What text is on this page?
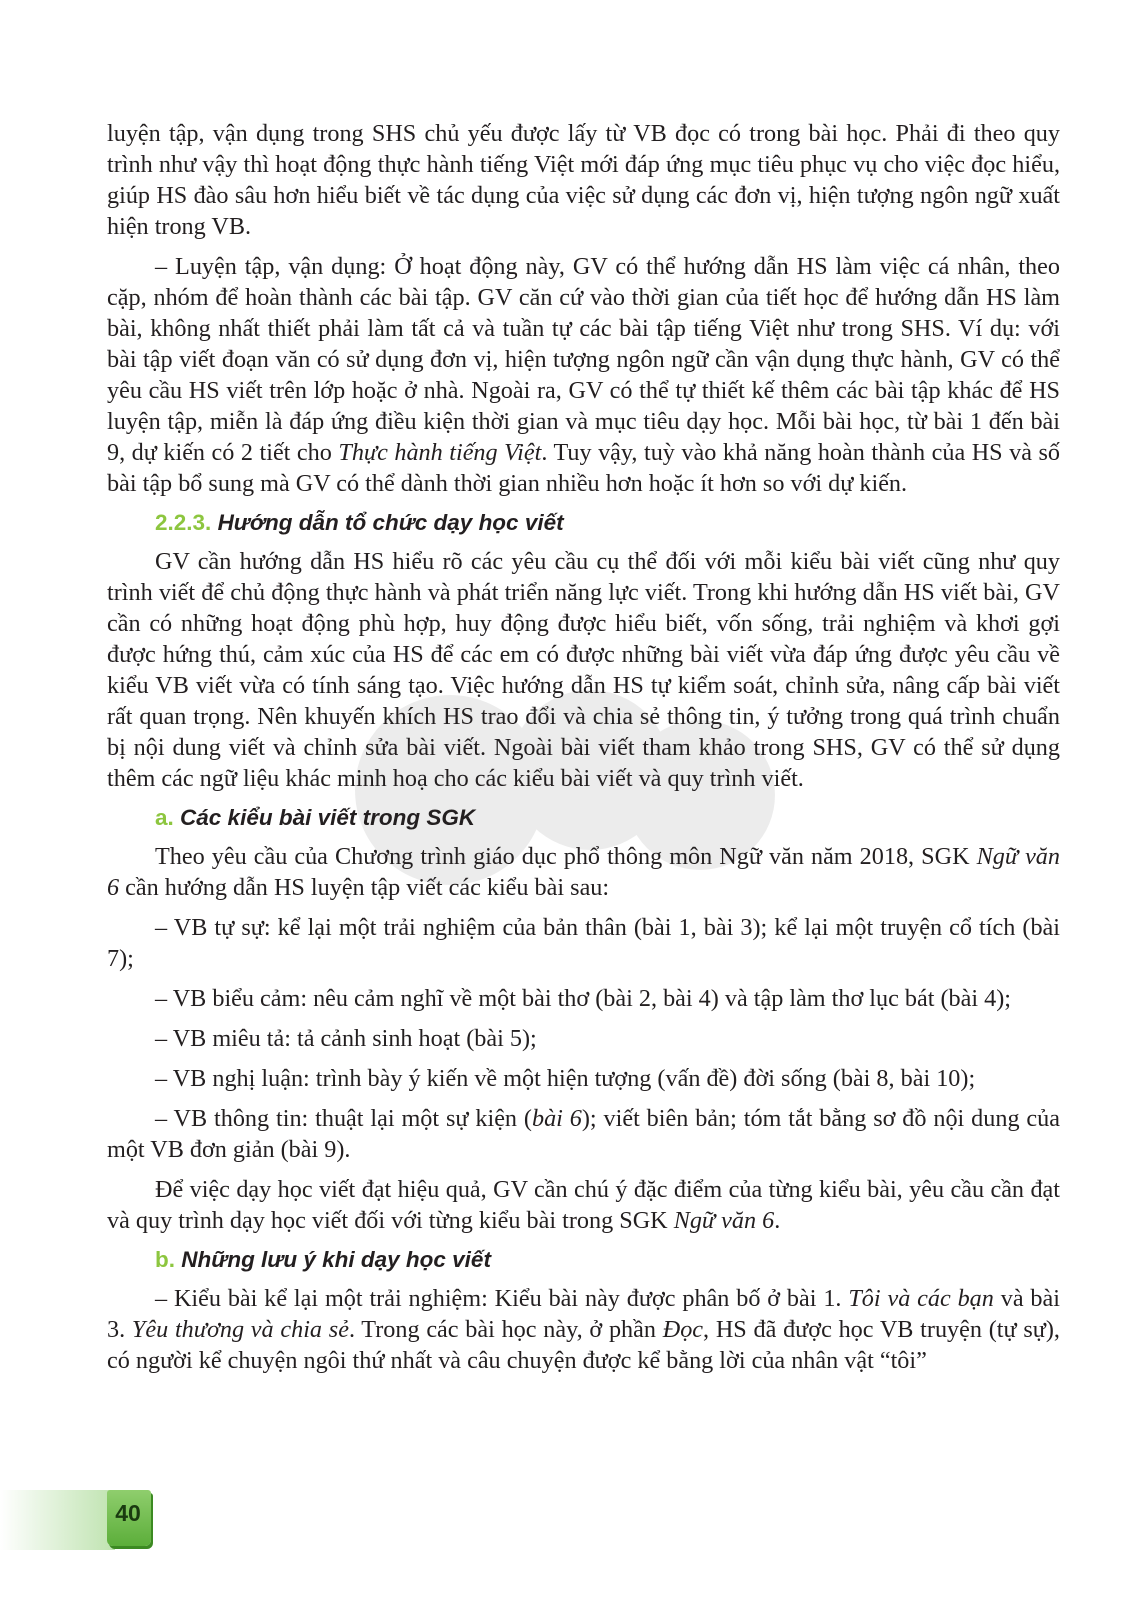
luyện tập, vận dụng trong SHS chủ yếu được lấy từ VB đọc có trong bài học. Phải đi theo quy trình như vậy thì hoạt động thực hành tiếng Việt mới đáp ứng mục tiêu phục vụ cho việc đọc hiểu, giúp HS đào sâu hơn hiểu biết về tác dụng của việc sử dụng các đơn vị, hiện tượng ngôn ngữ xuất hiện trong VB.

– Luyện tập, vận dụng: Ở hoạt động này, GV có thể hướng dẫn HS làm việc cá nhân, theo cặp, nhóm để hoàn thành các bài tập. GV căn cứ vào thời gian của tiết học để hướng dẫn HS làm bài, không nhất thiết phải làm tất cả và tuần tự các bài tập tiếng Việt như trong SHS. Ví dụ: với bài tập viết đoạn văn có sử dụng đơn vị, hiện tượng ngôn ngữ cần vận dụng thực hành, GV có thể yêu cầu HS viết trên lớp hoặc ở nhà. Ngoài ra, GV có thể tự thiết kế thêm các bài tập khác để HS luyện tập, miễn là đáp ứng điều kiện thời gian và mục tiêu dạy học. Mỗi bài học, từ bài 1 đến bài 9, dự kiến có 2 tiết cho Thực hành tiếng Việt. Tuy vậy, tuỳ vào khả năng hoàn thành của HS và số bài tập bổ sung mà GV có thể dành thời gian nhiều hơn hoặc ít hơn so với dự kiến.

2.2.3. Hướng dẫn tổ chức dạy học viết

GV cần hướng dẫn HS hiểu rõ các yêu cầu cụ thể đối với mỗi kiểu bài viết cũng như quy trình viết để chủ động thực hành và phát triển năng lực viết. Trong khi hướng dẫn HS viết bài, GV cần có những hoạt động phù hợp, huy động được hiểu biết, vốn sống, trải nghiệm và khơi gợi được hứng thú, cảm xúc của HS để các em có được những bài viết vừa đáp ứng được yêu cầu về kiểu VB viết vừa có tính sáng tạo. Việc hướng dẫn HS tự kiểm soát, chỉnh sửa, nâng cấp bài viết rất quan trọng. Nên khuyến khích HS trao đổi và chia sẻ thông tin, ý tưởng trong quá trình chuẩn bị nội dung viết và chỉnh sửa bài viết. Ngoài bài viết tham khảo trong SHS, GV có thể sử dụng thêm các ngữ liệu khác minh hoạ cho các kiểu bài viết và quy trình viết.

a. Các kiểu bài viết trong SGK

Theo yêu cầu của Chương trình giáo dục phổ thông môn Ngữ văn năm 2018, SGK Ngữ văn 6 cần hướng dẫn HS luyện tập viết các kiểu bài sau:

– VB tự sự: kể lại một trải nghiệm của bản thân (bài 1, bài 3); kể lại một truyện cổ tích (bài 7);

– VB biểu cảm: nêu cảm nghĩ về một bài thơ (bài 2, bài 4) và tập làm thơ lục bát (bài 4);

– VB miêu tả: tả cảnh sinh hoạt (bài 5);

– VB nghị luận: trình bày ý kiến về một hiện tượng (vấn đề) đời sống (bài 8, bài 10);

– VB thông tin: thuật lại một sự kiện (bài 6); viết biên bản; tóm tắt bằng sơ đồ nội dung của một VB đơn giản (bài 9).

Để việc dạy học viết đạt hiệu quả, GV cần chú ý đặc điểm của từng kiểu bài, yêu cầu cần đạt và quy trình dạy học viết đối với từng kiểu bài trong SGK Ngữ văn 6.

b. Những lưu ý khi dạy học viết

– Kiểu bài kể lại một trải nghiệm: Kiểu bài này được phân bố ở bài 1. Tôi và các bạn và bài 3. Yêu thương và chia sẻ. Trong các bài học này, ở phần Đọc, HS đã được học VB truyện (tự sự), có người kể chuyện ngôi thứ nhất và câu chuyện được kể bằng lời của nhân vật “tôi”

40
